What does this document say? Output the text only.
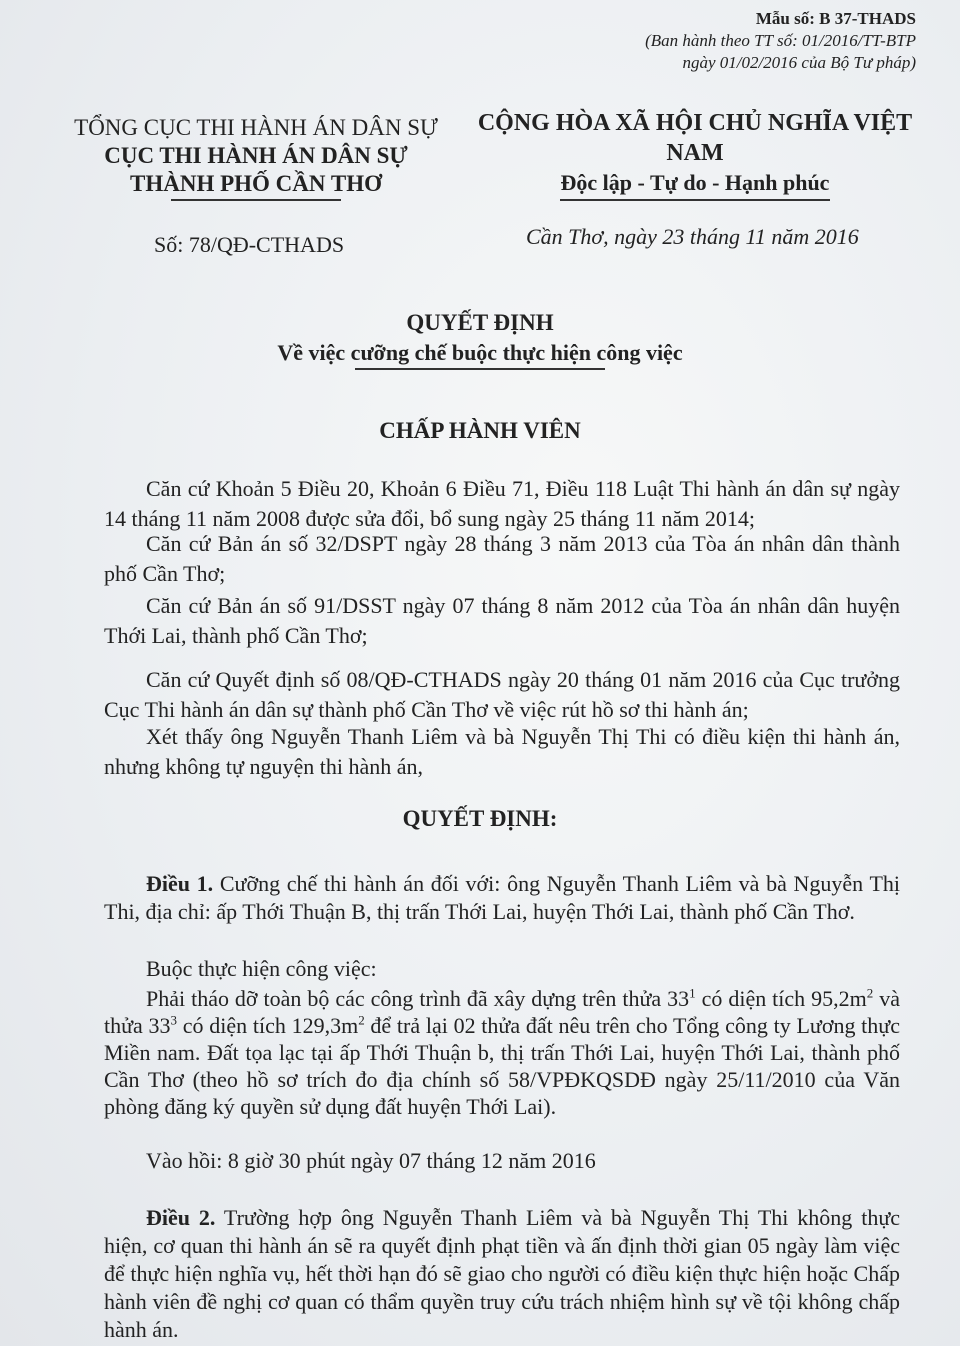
Mẫu số: B 37-THADS
(Ban hành theo TT số: 01/2016/TT-BTP
ngày 01/02/2016 của Bộ Tư pháp)
TỔNG CỤC THI HÀNH ÁN DÂN SỰ
CỤC THI HÀNH ÁN DÂN SỰ
THÀNH PHỐ CẦN THƠ
CỘNG HÒA XÃ HỘI CHỦ NGHĨA VIỆT NAM
Độc lập - Tự do - Hạnh phúc
Số: 78/QĐ-CTHADS	Cần Thơ, ngày 23 tháng 11 năm 2016
QUYẾT ĐỊNH
Về việc cưỡng chế buộc thực hiện công việc
CHẤP HÀNH VIÊN
Căn cứ Khoản 5 Điều 20, Khoản 6 Điều 71, Điều 118 Luật Thi hành án dân sự ngày 14 tháng 11 năm 2008 được sửa đổi, bổ sung ngày 25 tháng 11 năm 2014;
Căn cứ Bản án số 32/DSPT ngày 28 tháng 3 năm 2013 của Tòa án nhân dân thành phố Cần Thơ;
Căn cứ Bản án số 91/DSST ngày 07 tháng 8 năm 2012 của Tòa án nhân dân huyện Thới Lai, thành phố Cần Thơ;
Căn cứ Quyết định số 08/QĐ-CTHADS ngày 20 tháng 01 năm 2016 của Cục trưởng Cục Thi hành án dân sự thành phố Cần Thơ về việc rút hồ sơ thi hành án;
Xét thấy ông Nguyễn Thanh Liêm và bà Nguyễn Thị Thi có điều kiện thi hành án, nhưng không tự nguyện thi hành án,
QUYẾT ĐỊNH:
Điều 1. Cưỡng chế thi hành án đối với: ông Nguyễn Thanh Liêm và bà Nguyễn Thị Thi, địa chỉ: ấp Thới Thuận B, thị trấn Thới Lai, huyện Thới Lai, thành phố Cần Thơ.
Buộc thực hiện công việc:
Phải tháo dỡ toàn bộ các công trình đã xây dựng trên thửa $33^1$ có diện tích $95,2m^2$ và thửa $33^3$ có diện tích $129,3m^2$ để trả lại 02 thửa đất nêu trên cho Tổng công ty Lương thực Miền nam. Đất tọa lạc tại ấp Thới Thuận b, thị trấn Thới Lai, huyện Thới Lai, thành phố Cần Thơ (theo hồ sơ trích đo địa chính số 58/VPĐKQSDĐ ngày 25/11/2010 của Văn phòng đăng ký quyền sử dụng đất huyện Thới Lai).
Vào hồi: 8 giờ 30 phút ngày 07 tháng 12 năm 2016
Điều 2. Trường hợp ông Nguyễn Thanh Liêm và bà Nguyễn Thị Thi không thực hiện, cơ quan thi hành án sẽ ra quyết định phạt tiền và ấn định thời gian 05 ngày làm việc để thực hiện nghĩa vụ, hết thời hạn đó sẽ giao cho người có điều kiện thực hiện hoặc Chấp hành viên đề nghị cơ quan có thẩm quyền truy cứu trách nhiệm hình sự về tội không chấp hành án.
